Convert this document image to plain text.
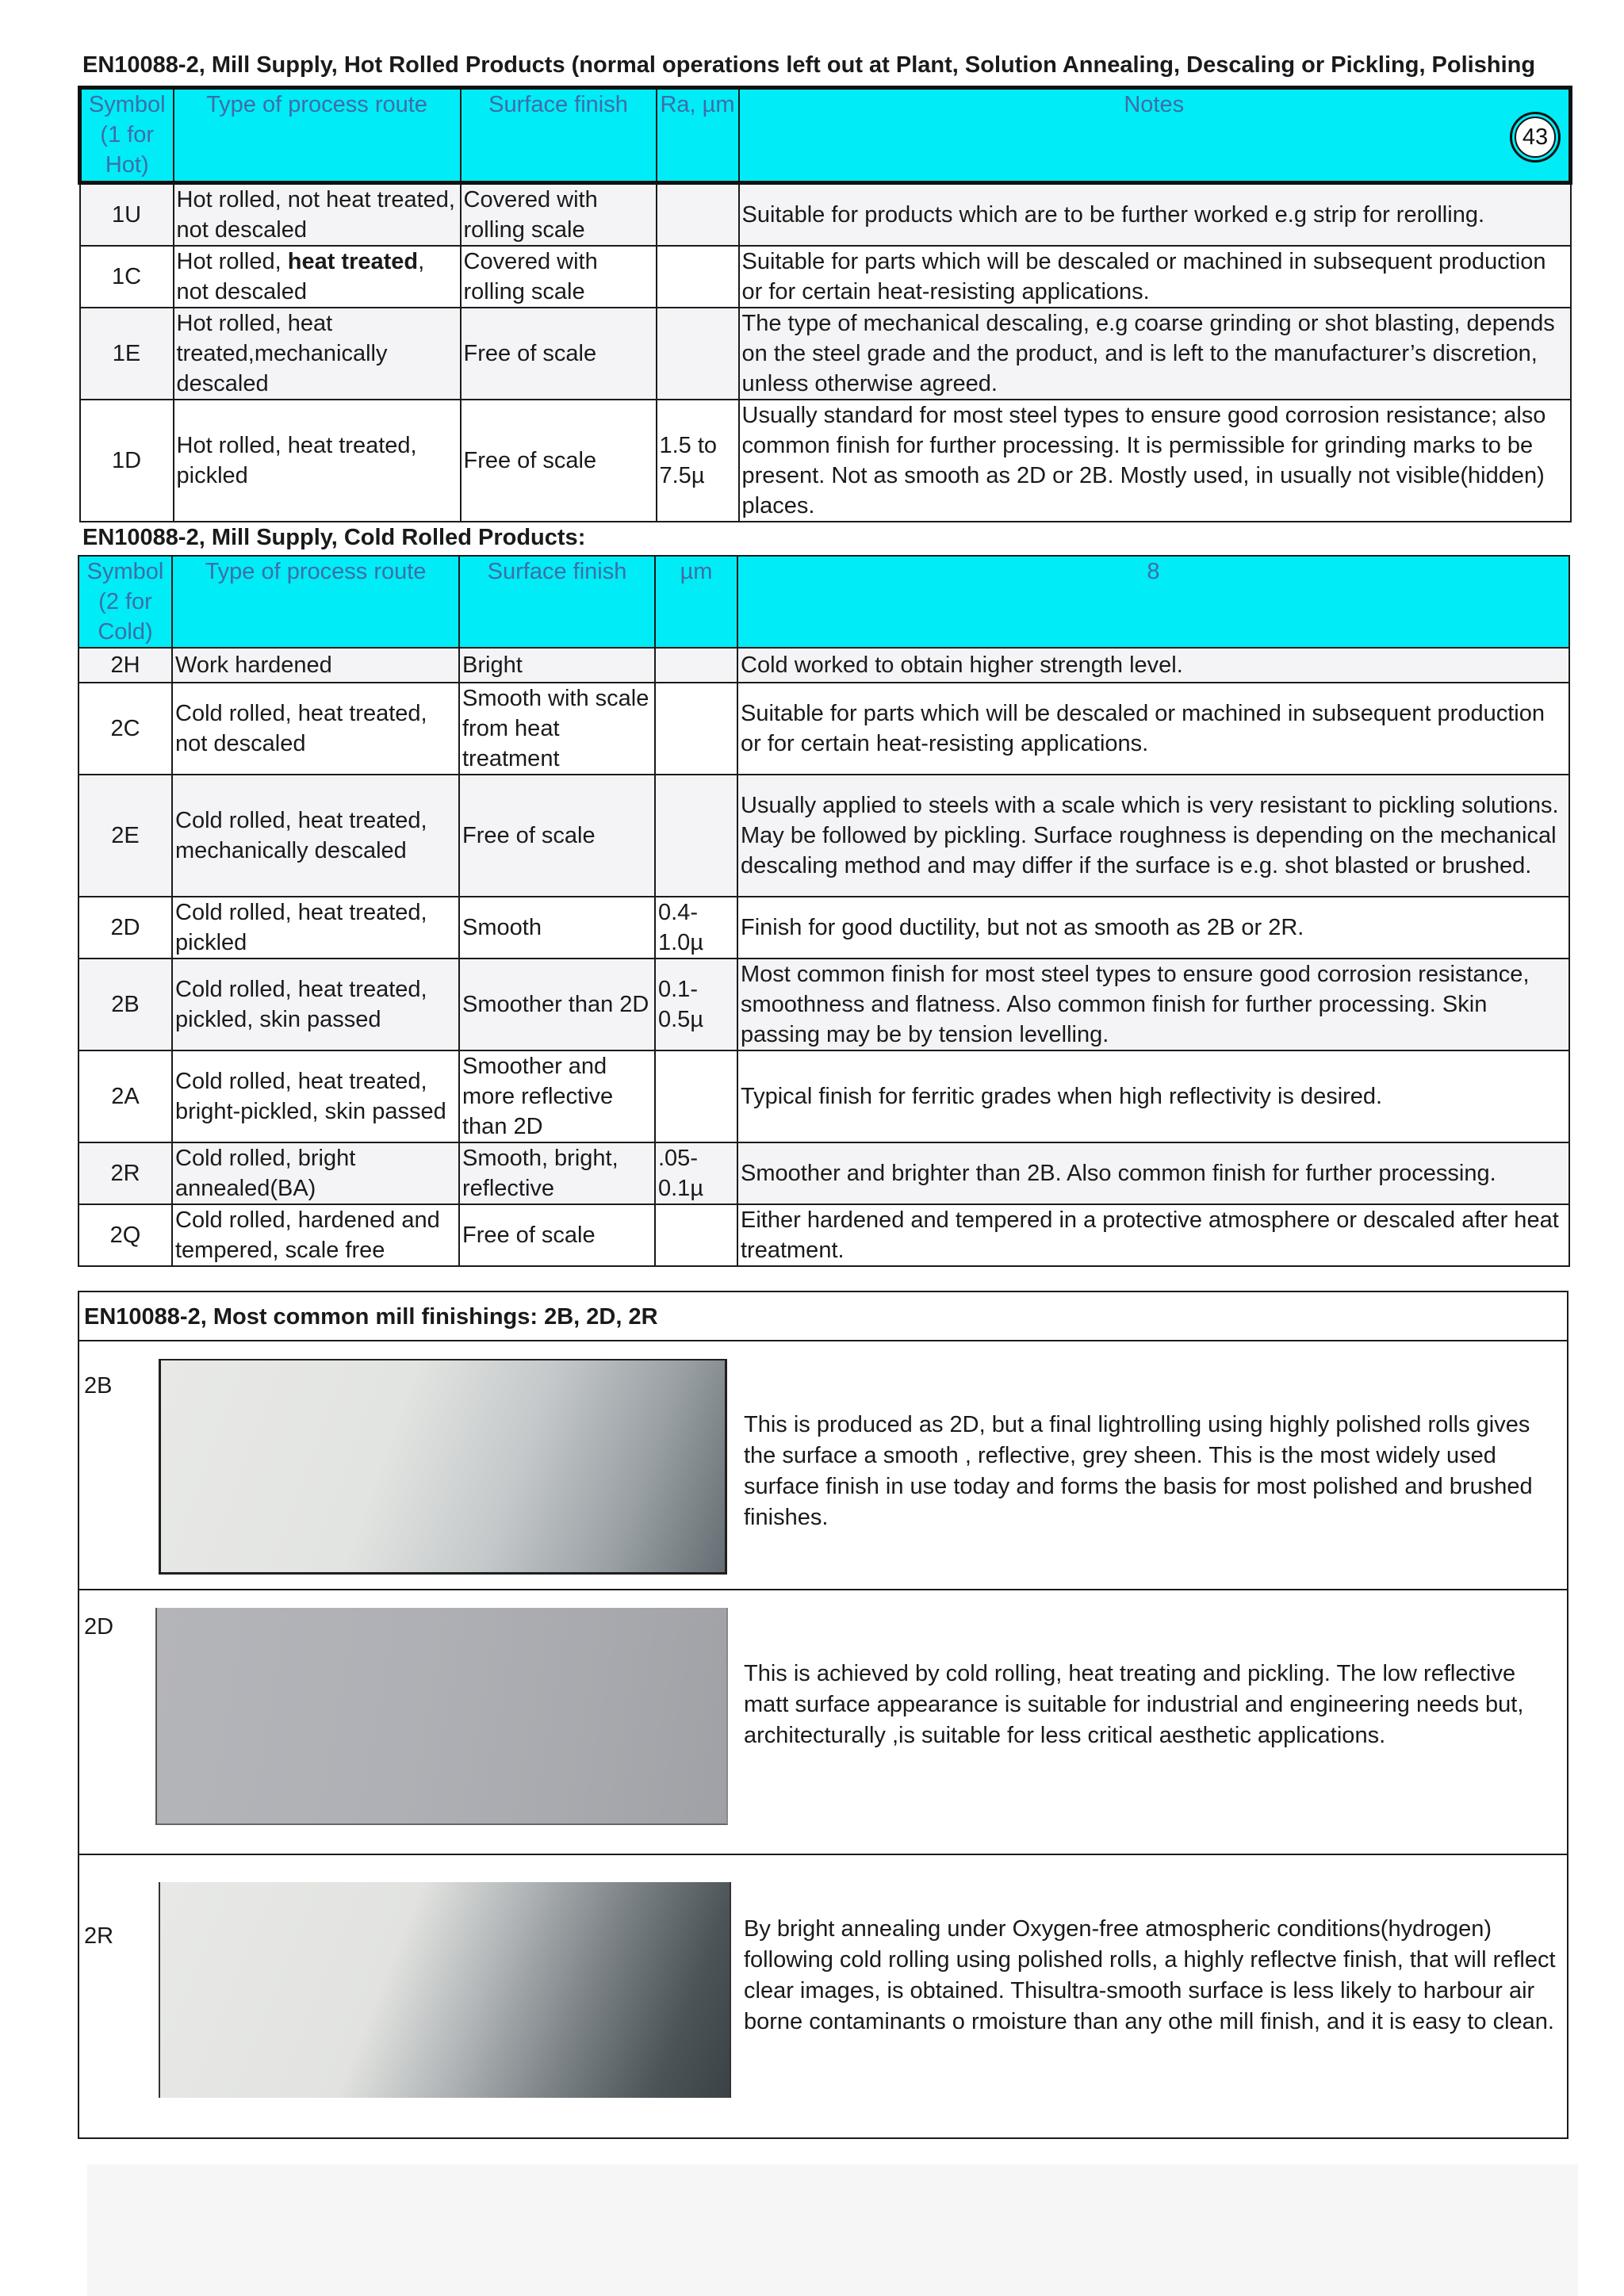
EN10088-2, Mill Supply, Hot Rolled Products (normal operations left out at Plant, Solution Annealing, Descaling or Pickling, Polishing
Symbol (1 for Hot)	Type of process route	Surface finish	Ra, µm	Notes
43

1U	Hot rolled, not heat treated, not descaled	Covered with rolling scale		Suitable for products which are to be further worked e.g strip for rerolling.
1C	Hot rolled, heat treated, not descaled	Covered with rolling scale		Suitable for parts which will be descaled or machined in subsequent production or for certain heat-resisting applications.
1E	Hot rolled, heat treated,mechanically descaled	Free of scale		The type of mechanical descaling, e.g coarse grinding or shot blasting, depends on the steel grade and the product, and is left to the manufacturer’s discretion, unless otherwise agreed.
1D	Hot rolled, heat treated, pickled	Free of scale	1.5 to 7.5µ	Usually standard for most steel types to ensure good corrosion resistance; also common finish for further processing. It is permissible for grinding marks to be present. Not as smooth as 2D or 2B. Mostly used, in usually not visible(hidden) places.
EN10088-2, Mill Supply, Cold Rolled Products:
Symbol (2 for Cold)	Type of process route	Surface finish	µm	8
2H	Work hardened	Bright		Cold worked to obtain higher strength level.
2C	Cold rolled, heat treated, not descaled	Smooth with scale from heat treatment		Suitable for parts which will be descaled or machined in subsequent production or for certain heat-resisting applications.
2E	Cold rolled, heat treated, mechanically descaled	Free of scale		Usually applied to steels with a scale which is very resistant to pickling solutions. May be followed by pickling. Surface roughness is depending on the mechanical descaling method and may differ if the surface is e.g. shot blasted or brushed.
2D	Cold rolled, heat treated, pickled	Smooth	0.4-1.0µ	Finish for good ductility, but not as smooth as 2B or 2R.
2B	Cold rolled, heat treated, pickled, skin passed	Smoother than 2D	0.1-0.5µ	Most common finish for most steel types to ensure good corrosion resistance, smoothness and flatness. Also common finish for further processing. Skin passing may be by tension levelling.
2A	Cold rolled, heat treated, bright-pickled, skin passed	Smoother and more reflective than 2D		Typical finish for ferritic grades when high reflectivity is desired.
2R	Cold rolled, bright annealed(BA)	Smooth, bright, reflective	.05-0.1µ	Smoother and brighter than 2B. Also common finish for further processing.
2Q	Cold rolled, hardened and tempered, scale free	Free of scale		Either hardened and tempered in a protective atmosphere or descaled after heat treatment.
EN10088-2, Most common mill finishings: 2B, 2D, 2R
2B
This is produced as 2D, but a final lightrolling using highly polished rolls gives the surface a smooth , reflective, grey sheen. This is the most widely used surface finish in use today and forms the basis for most polished and brushed finishes.
2D
This is achieved by cold rolling, heat treating and pickling. The low reflective matt surface appearance is suitable for industrial and engineering needs but, architecturally ,is suitable for less critical aesthetic applications.
2R	By bright annealing under Oxygen-free atmospheric conditions(hydrogen) following cold rolling using polished rolls, a highly reflectve finish, that will reflect clear images, is obtained. Thisultra-smooth surface is less likely to harbour air borne contaminants o rmoisture than any othe mill finish, and it is easy to clean.
